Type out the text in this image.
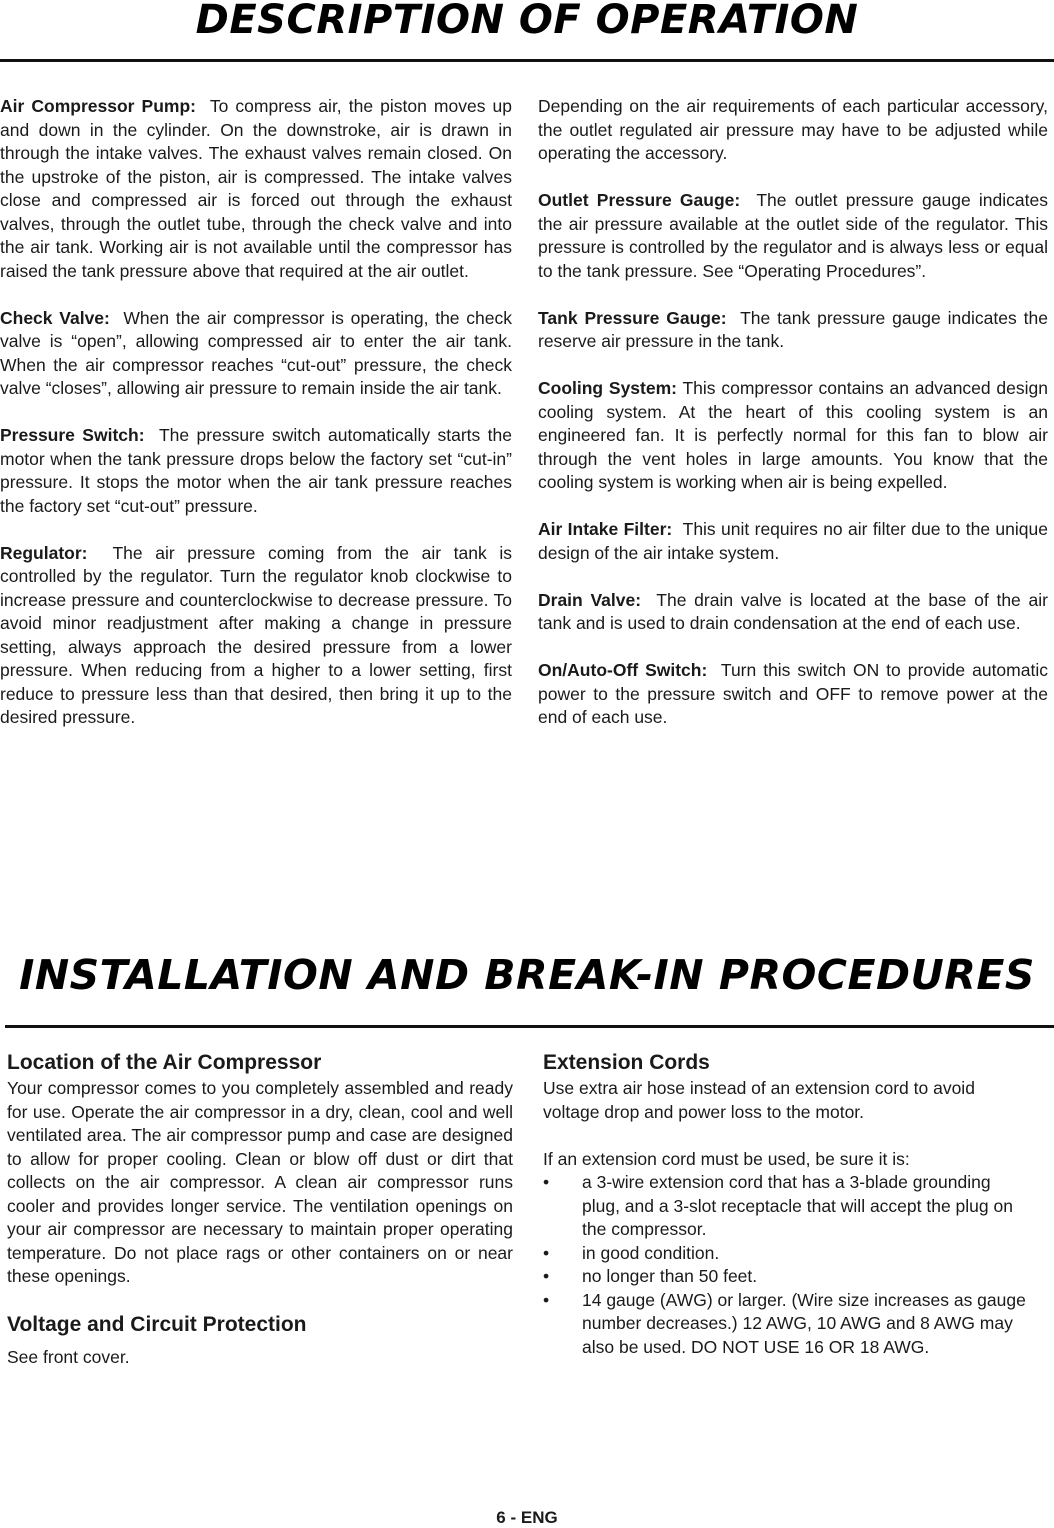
DESCRIPTION OF OPERATION

Air Compressor Pump: To compress air, the piston moves up and down in the cylinder. On the downstroke, air is drawn in through the intake valves. The exhaust valves remain closed. On the upstroke of the piston, air is compressed. The intake valves close and compressed air is forced out through the exhaust valves, through the outlet tube, through the check valve and into the air tank. Working air is not available until the compressor has raised the tank pressure above that required at the air outlet.

Check Valve: When the air compressor is operating, the check valve is “open”, allowing compressed air to enter the air tank. When the air compressor reaches “cut-out” pressure, the check valve “closes”, allowing air pressure to remain inside the air tank.

Pressure Switch: The pressure switch automatically starts the motor when the tank pressure drops below the factory set “cut-in” pressure. It stops the motor when the air tank pressure reaches the factory set “cut-out” pressure.

Regulator: The air pressure coming from the air tank is controlled by the regulator. Turn the regulator knob clockwise to increase pressure and counterclockwise to decrease pressure. To avoid minor readjustment after making a change in pressure setting, always approach the desired pressure from a lower pressure. When reducing from a higher to a lower setting, first reduce to pressure less than that desired, then bring it up to the desired pressure.

Depending on the air requirements of each particular accessory, the outlet regulated air pressure may have to be adjusted while operating the accessory.

Outlet Pressure Gauge: The outlet pressure gauge indicates the air pressure available at the outlet side of the regulator. This pressure is controlled by the regulator and is always less or equal to the tank pressure. See “Operating Procedures”.

Tank Pressure Gauge: The tank pressure gauge indicates the reserve air pressure in the tank.

Cooling System: This compressor contains an advanced design cooling system. At the heart of this cooling system is an engineered fan. It is perfectly normal for this fan to blow air through the vent holes in large amounts. You know that the cooling system is working when air is being expelled.

Air Intake Filter: This unit requires no air filter due to the unique design of the air intake system.

Drain Valve: The drain valve is located at the base of the air tank and is used to drain condensation at the end of each use.

On/Auto-Off Switch: Turn this switch ON to provide automatic power to the pressure switch and OFF to remove power at the end of each use.

INSTALLATION AND BREAK-IN PROCEDURES
Location of the Air Compressor

Your compressor comes to you completely assembled and ready for use. Operate the air compressor in a dry, clean, cool and well ventilated area. The air compressor pump and case are designed to allow for proper cooling. Clean or blow off dust or dirt that collects on the air compressor. A clean air compressor runs cooler and provides longer service. The ventilation openings on your air compressor are necessary to maintain proper operating temperature. Do not place rags or other containers on or near these openings.

Voltage and Circuit Protection

See front cover.

Extension Cords

Use extra air hose instead of an extension cord to avoid voltage drop and power loss to the motor.

If an extension cord must be used, be sure it is:

• a 3-wire extension cord that has a 3-blade grounding plug, and a 3-slot receptacle that will accept the plug on the compressor.
• in good condition.
• no longer than 50 feet.
• 14 gauge (AWG) or larger. (Wire size increases as gauge number decreases.) 12 AWG, 10 AWG and 8 AWG may also be used. DO NOT USE 16 OR 18 AWG.
6 - ENG
